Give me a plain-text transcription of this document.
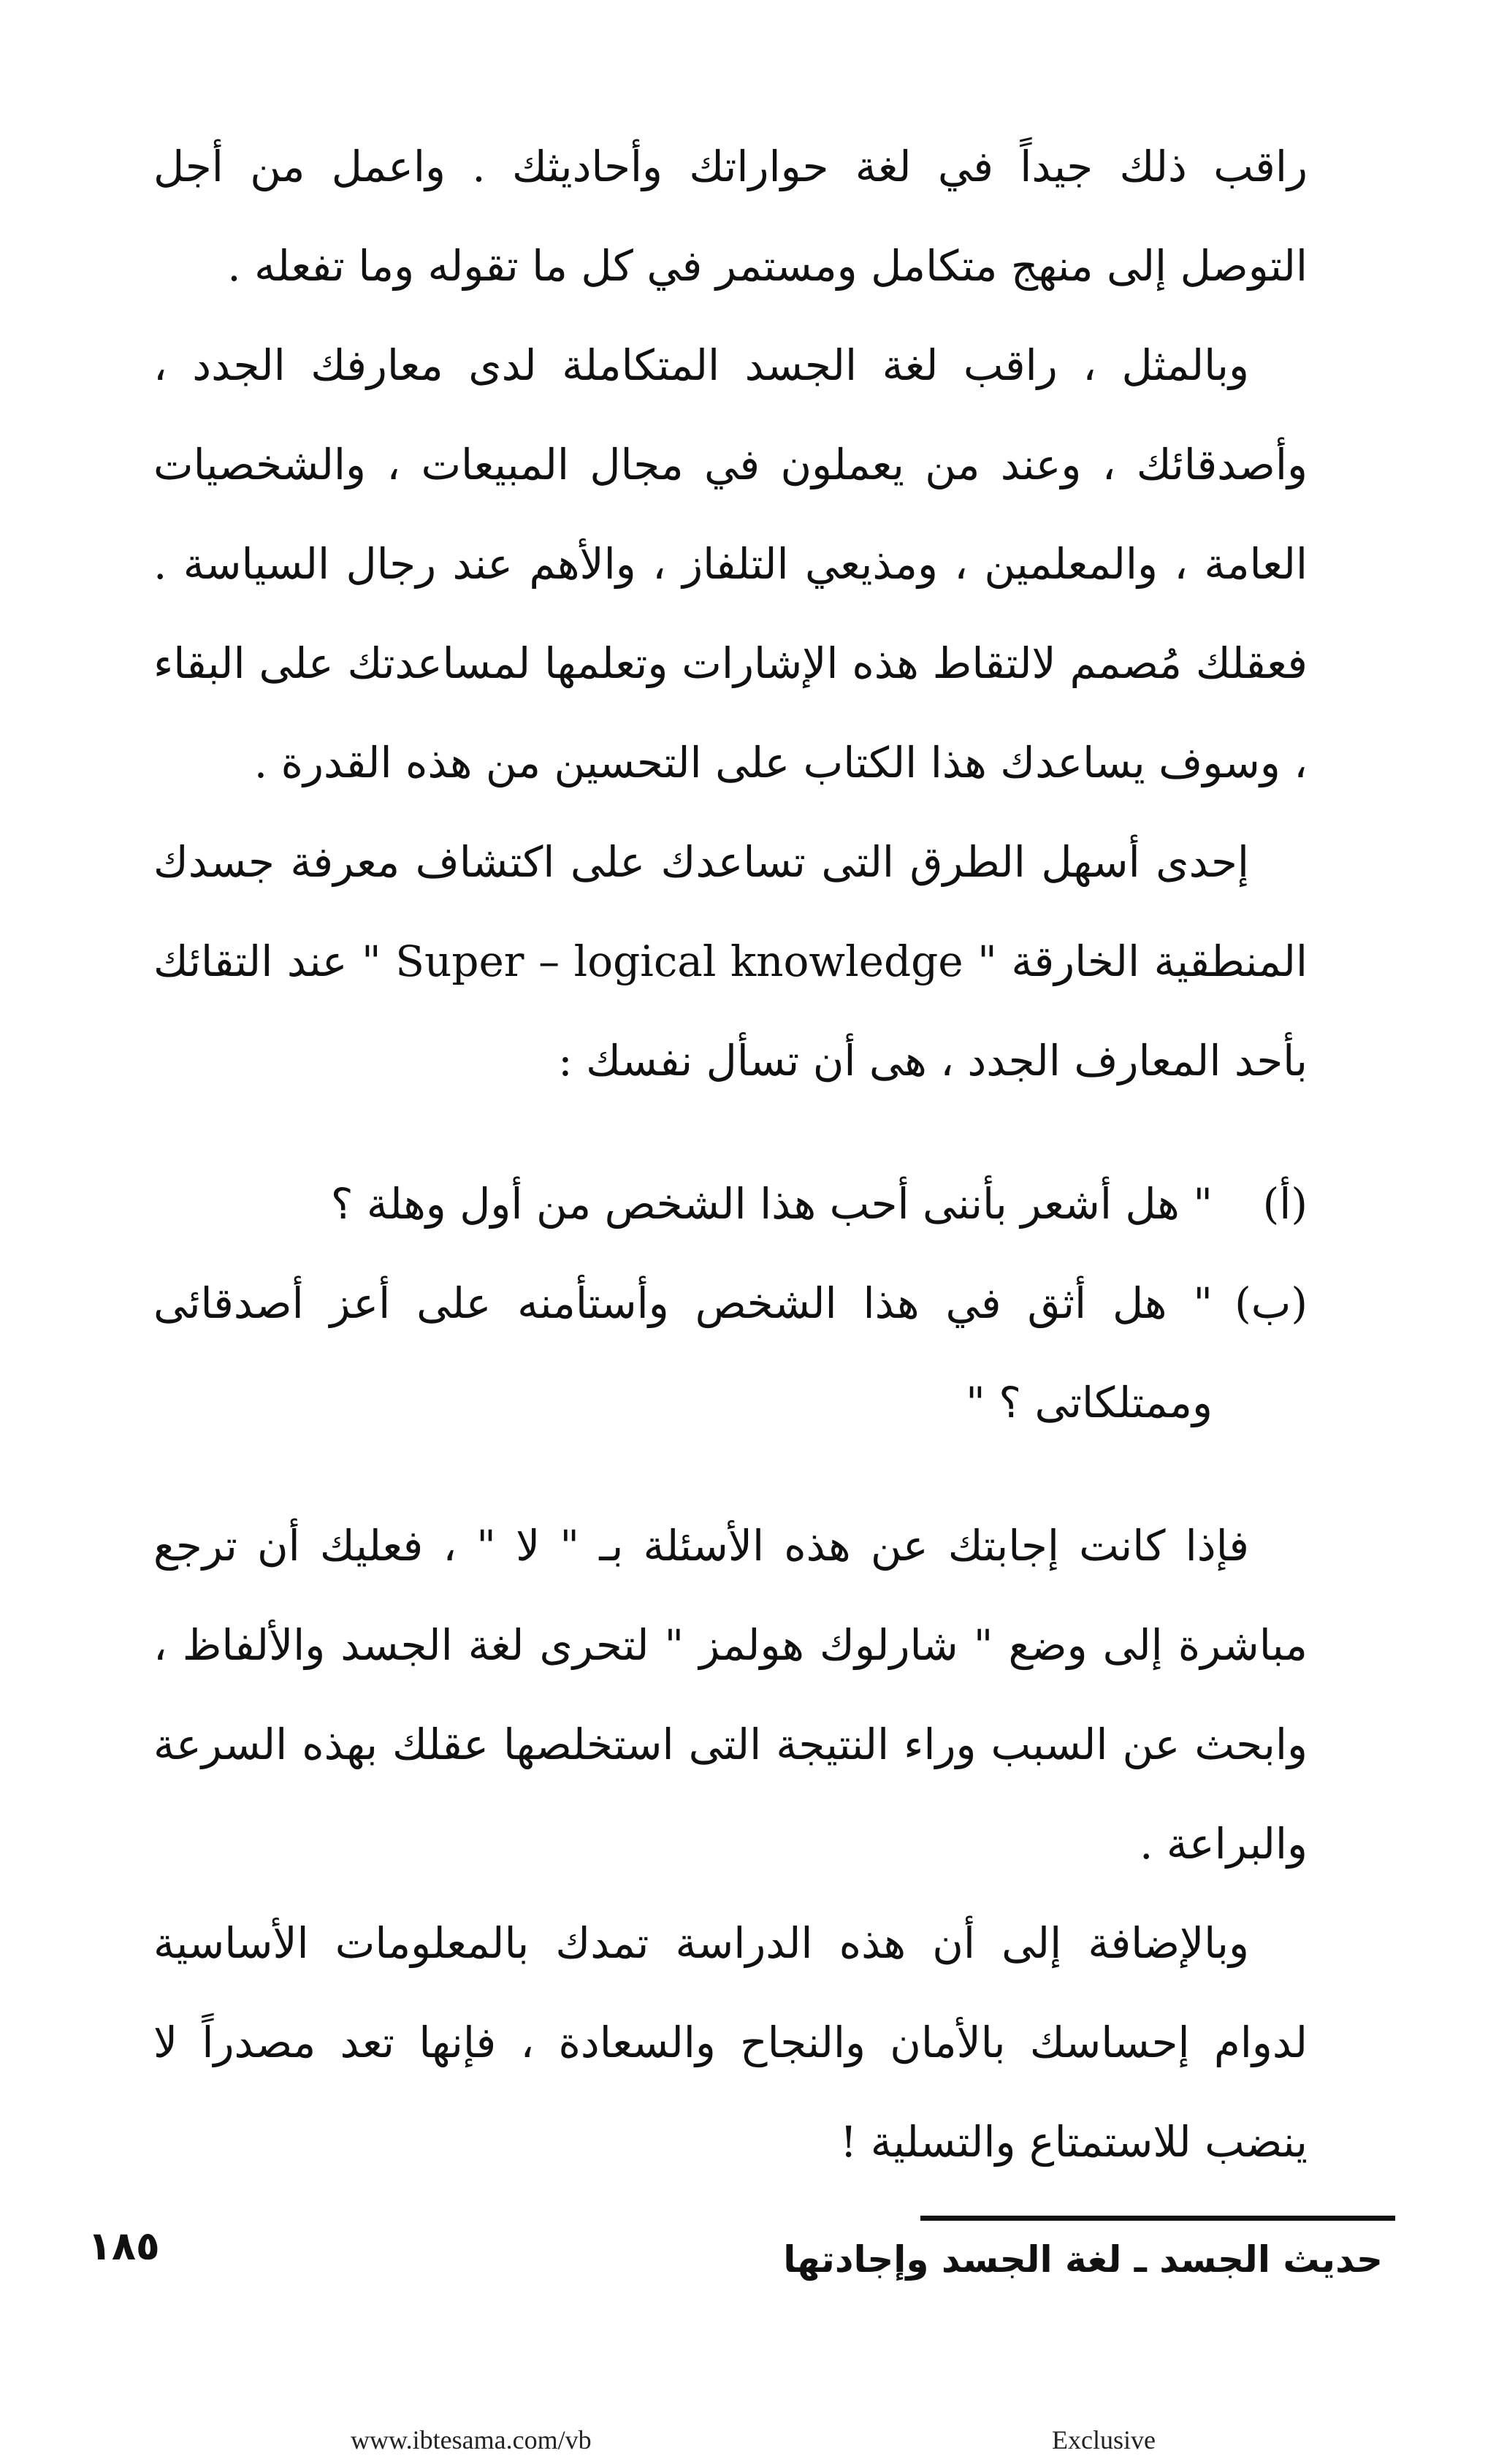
راقب ذلك جيداً في لغة حواراتك وأحاديثك . واعمل من أجل التوصل إلى منهج متكامل ومستمر في كل ما تقوله وما تفعله .

وبالمثل ، راقب لغة الجسد المتكاملة لدى معارفك الجدد ، وأصدقائك ، وعند من يعملون في مجال المبيعات ، والشخصيات العامة ، والمعلمين ، ومذيعي التلفاز ، والأهم عند رجال السياسة . فعقلك مُصمم لالتقاط هذه الإشارات وتعلمها لمساعدتك على البقاء ، وسوف يساعدك هذا الكتاب على التحسين من هذه القدرة .

إحدى أسهل الطرق التى تساعدك على اكتشاف معرفة جسدك المنطقية الخارقة " Super – logical knowledge " عند التقائك بأحد المعارف الجدد ، هى أن تسأل نفسك :

(أ)
" هل أشعر بأننى أحب هذا الشخص من أول وهلة ؟
(ب)
" هل أثق في هذا الشخص وأستأمنه على أعز أصدقائى وممتلكاتى ؟ "

فإذا كانت إجابتك عن هذه الأسئلة بـ " لا " ، فعليك أن ترجع مباشرة إلى وضع " شارلوك هولمز " لتحرى لغة الجسد والألفاظ ، وابحث عن السبب وراء النتيجة التى استخلصها عقلك بهذه السرعة والبراعة .

وبالإضافة إلى أن هذه الدراسة تمدك بالمعلومات الأساسية لدوام إحساسك بالأمان والنجاح والسعادة ، فإنها تعد مصدراً لا ينضب للاستمتاع والتسلية !

حديث الجسد ـ لغة الجسد وإجادتها
١٨٥
www.ibtesama.com/vb	Exclusive
